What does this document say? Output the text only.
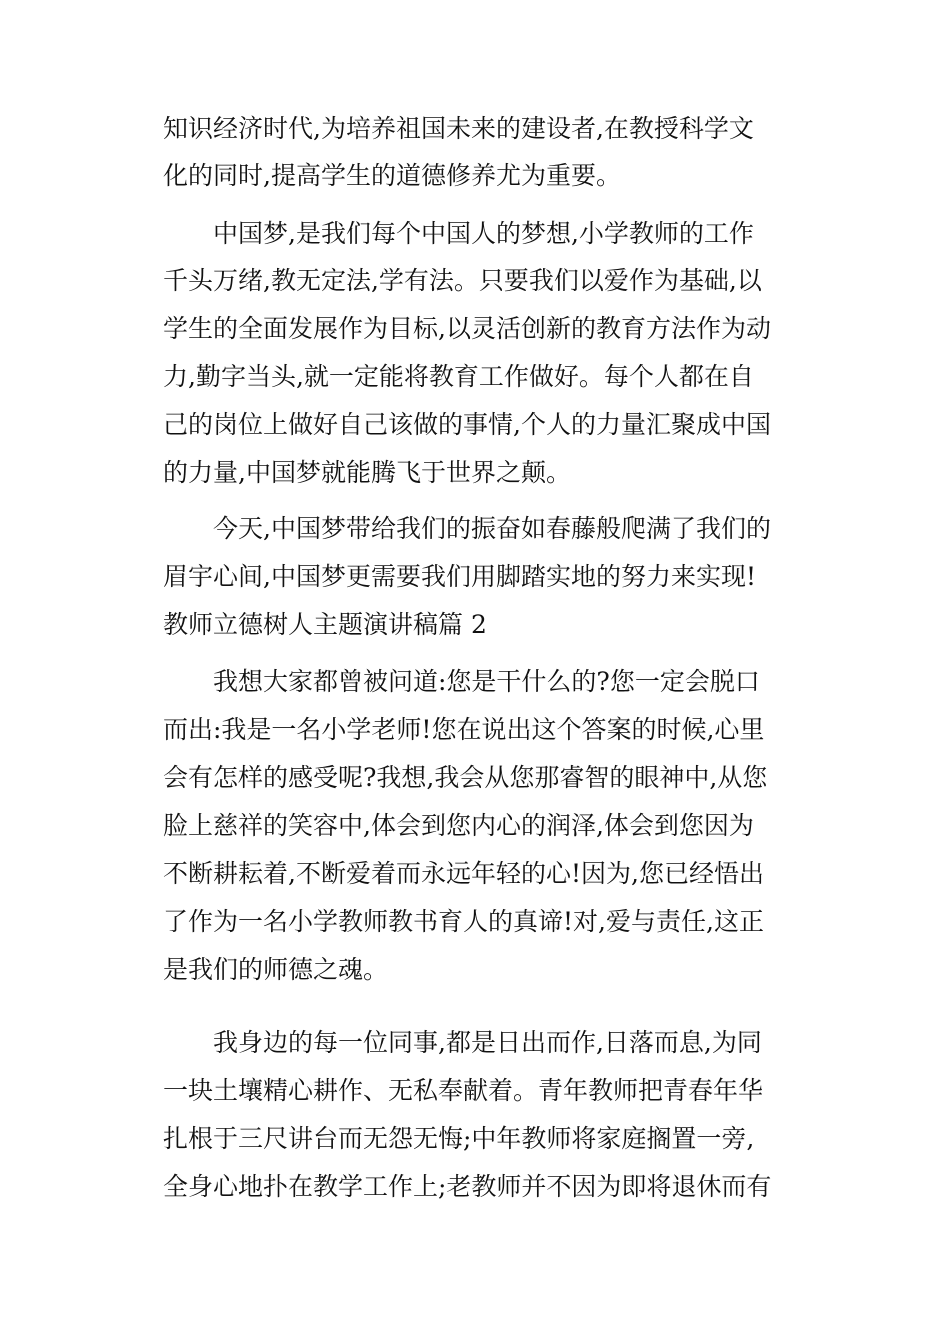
知识经济时代,为培养祖国未来的建设者,在教授科学文
化的同时,提高学生的道德修养尤为重要。
中国梦,是我们每个中国人的梦想,小学教师的工作
千头万绪,教无定法,学有法。只要我们以爱作为基础,以
学生的全面发展作为目标,以灵活创新的教育方法作为动
力,勤字当头,就一定能将教育工作做好。每个人都在自
己的岗位上做好自己该做的事情,个人的力量汇聚成中国
的力量,中国梦就能腾飞于世界之颠。
今天,中国梦带给我们的振奋如春藤般爬满了我们的
眉宇心间,中国梦更需要我们用脚踏实地的努力来实现!
教师立德树人主题演讲稿篇 2
我想大家都曾被问道:您是干什么的?您一定会脱口
而出:我是一名小学老师!您在说出这个答案的时候,心里
会有怎样的感受呢?我想,我会从您那睿智的眼神中,从您
脸上慈祥的笑容中,体会到您内心的润泽,体会到您因为
不断耕耘着,不断爱着而永远年轻的心!因为,您已经悟出
了作为一名小学教师教书育人的真谛!对,爱与责任,这正
是我们的师德之魂。
我身边的每一位同事,都是日出而作,日落而息,为同
一块土壤精心耕作、无私奉献着。青年教师把青春年华
扎根于三尺讲台而无怨无悔;中年教师将家庭搁置一旁,
全身心地扑在教学工作上;老教师并不因为即将退休而有
